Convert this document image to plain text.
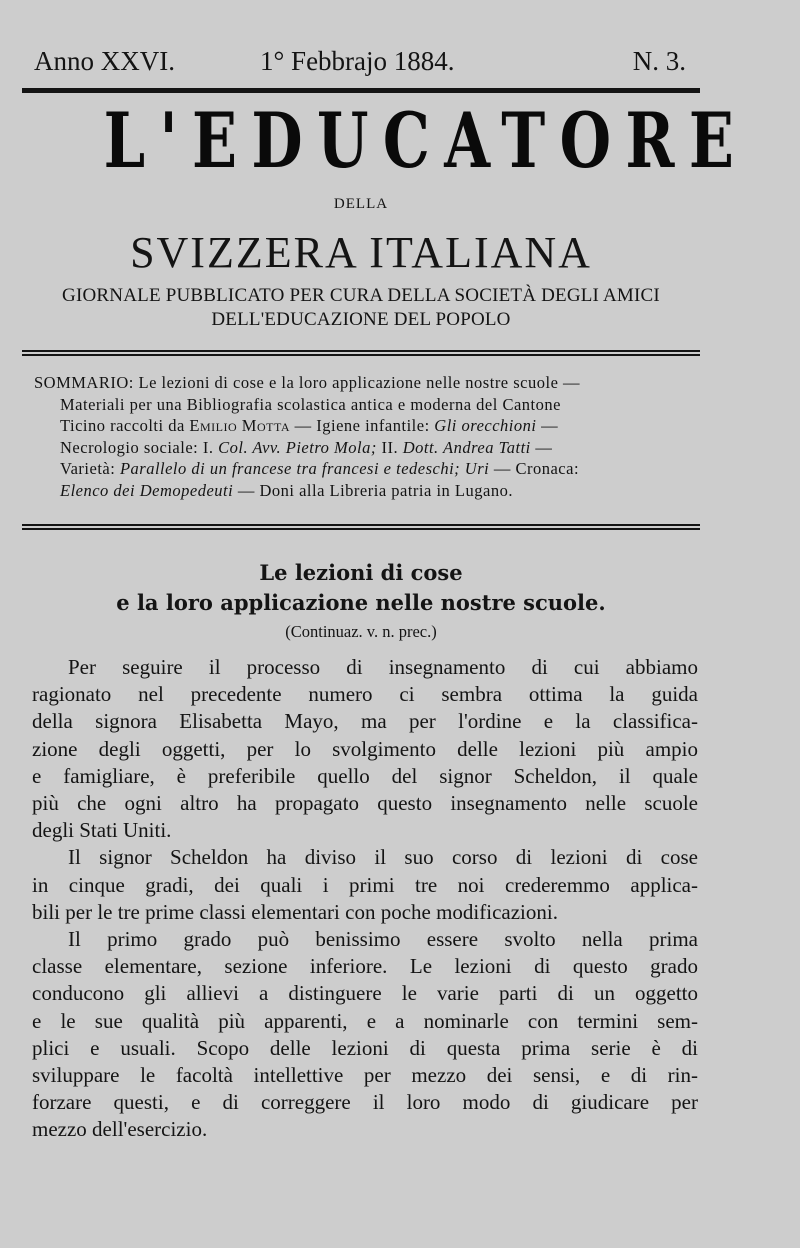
Anno XXVI.	1° Febbrajo 1884.	N. 3.
L'EDUCATORE
DELLA
SVIZZERA ITALIANA
GIORNALE PUBBLICATO PER CURA DELLA SOCIETÀ DEGLI AMICI
DELL'EDUCAZIONE DEL POPOLO
SOMMARIO: Le lezioni di cose e la loro applicazione nelle nostre scuole —
Materiali per una Bibliografia scolastica antica e moderna del Cantone
Ticino raccolti da Emilio Motta — Igiene infantile: Gli orecchioni —
Necrologio sociale: I. Col. Avv. Pietro Mola; II. Dott. Andrea Tatti —
Varietà: Parallelo di un francese tra francesi e tedeschi; Uri — Cronaca:
Elenco dei Demopedeuti — Doni alla Libreria patria in Lugano.
Le lezioni di cose
e la loro applicazione nelle nostre scuole.
(Continuaz. v. n. prec.)
Per seguire il processo di insegnamento di cui abbiamo
ragionato nel precedente numero ci sembra ottima la guida
della signora Elisabetta Mayo, ma per l'ordine e la classifica-
zione degli oggetti, per lo svolgimento delle lezioni più ampio
e famigliare, è preferibile quello del signor Scheldon, il quale
più che ogni altro ha propagato questo insegnamento nelle scuole
degli Stati Uniti.
Il signor Scheldon ha diviso il suo corso di lezioni di cose
in cinque gradi, dei quali i primi tre noi crederemmo applica-
bili per le tre prime classi elementari con poche modificazioni.
Il primo grado può benissimo essere svolto nella prima
classe elementare, sezione inferiore. Le lezioni di questo grado
conducono gli allievi a distinguere le varie parti di un oggetto
e le sue qualità più apparenti, e a nominarle con termini sem-
plici e usuali. Scopo delle lezioni di questa prima serie è di
sviluppare le facoltà intellettive per mezzo dei sensi, e di rin-
forzare questi, e di correggere il loro modo di giudicare per
mezzo dell'esercizio.
